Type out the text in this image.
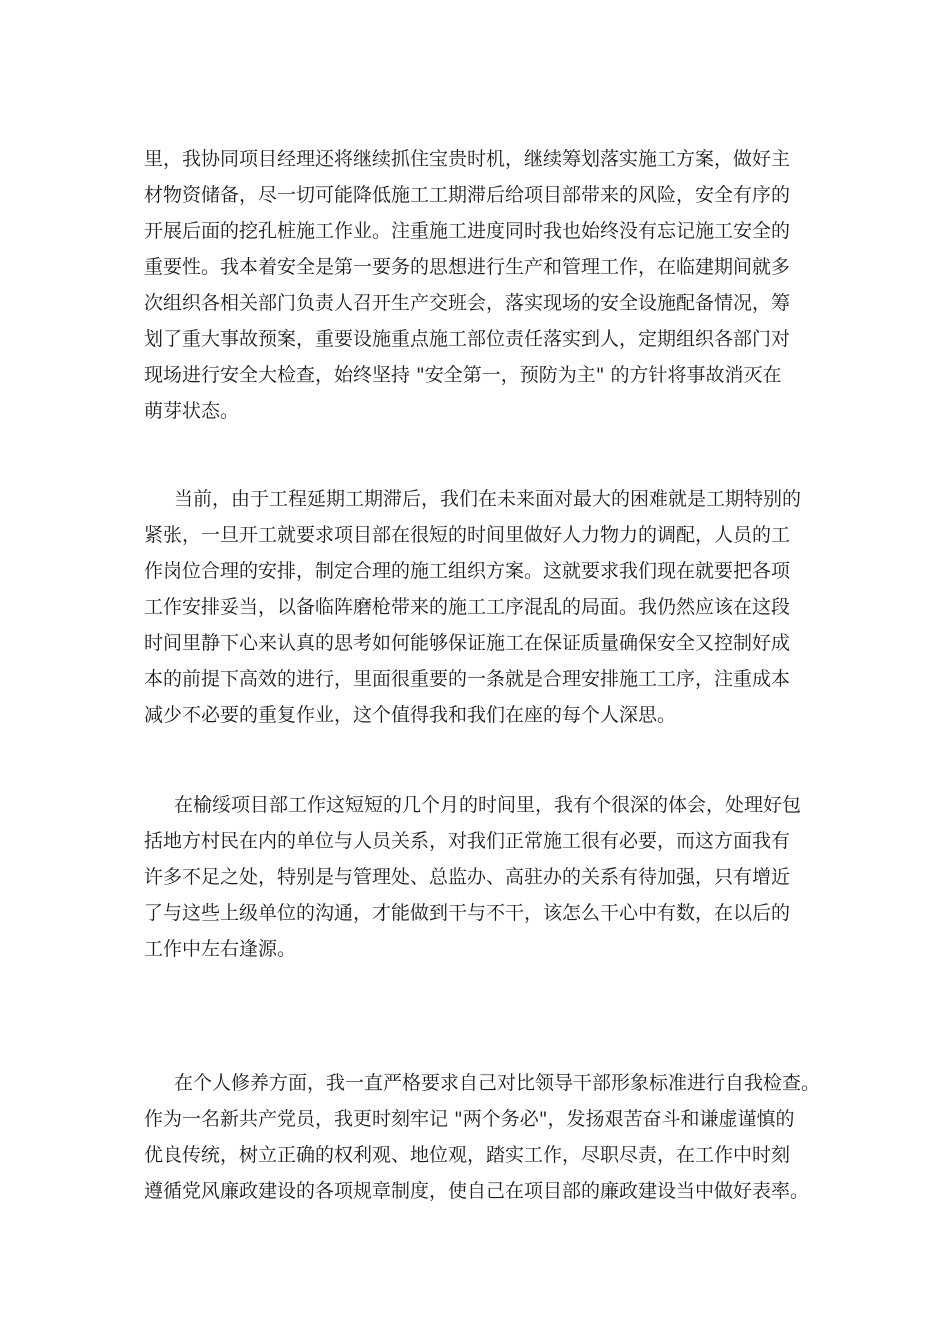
里，我协同项目经理还将继续抓住宝贵时机，继续筹划落实施工方案，做好主
材物资储备，尽一切可能降低施工工期滞后给项目部带来的风险，安全有序的
开展后面的挖孔桩施工作业。注重施工进度同时我也始终没有忘记施工安全的
重要性。我本着安全是第一要务的思想进行生产和管理工作，在临建期间就多
次组织各相关部门负责人召开生产交班会，落实现场的安全设施配备情况，筹
划了重大事故预案，重要设施重点施工部位责任落实到人，定期组织各部门对
现场进行安全大检查，始终坚持 "安全第一，预防为主" 的方针将事故消灭在
萌芽状态。
当前，由于工程延期工期滞后，我们在未来面对最大的困难就是工期特别的
紧张，一旦开工就要求项目部在很短的时间里做好人力物力的调配，人员的工
作岗位合理的安排，制定合理的施工组织方案。这就要求我们现在就要把各项
工作安排妥当，以备临阵磨枪带来的施工工序混乱的局面。我仍然应该在这段
时间里静下心来认真的思考如何能够保证施工在保证质量确保安全又控制好成
本的前提下高效的进行，里面很重要的一条就是合理安排施工工序，注重成本
减少不必要的重复作业，这个值得我和我们在座的每个人深思。
在榆绥项目部工作这短短的几个月的时间里，我有个很深的体会，处理好包
括地方村民在内的单位与人员关系，对我们正常施工很有必要，而这方面我有
许多不足之处，特别是与管理处、总监办、高驻办的关系有待加强，只有增近
了与这些上级单位的沟通，才能做到干与不干，该怎么干心中有数，在以后的
工作中左右逢源。
在个人修养方面，我一直严格要求自己对比领导干部形象标准进行自我检查。
作为一名新共产党员，我更时刻牢记 "两个务必"，发扬艰苦奋斗和谦虚谨慎的
优良传统，树立正确的权利观、地位观，踏实工作，尽职尽责，在工作中时刻
遵循党风廉政建设的各项规章制度，使自己在项目部的廉政建设当中做好表率。
